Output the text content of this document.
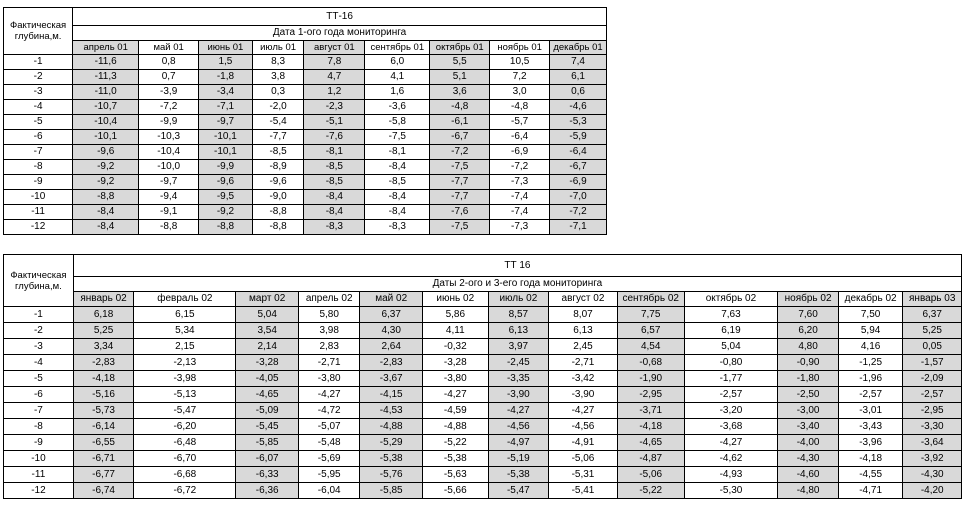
Фактическая глубина,м.	ТТ-16								
	Дата 1-ого года мониторинга								
	апрель 01	май 01	июнь 01	июль 01	август 01	сентябрь 01	октябрь 01	ноябрь 01	декабрь 01
-1	-11,6	0,8	1,5	8,3	7,8	6,0	5,5	10,5	7,4
-2	-11,3	0,7	-1,8	3,8	4,7	4,1	5,1	7,2	6,1
-3	-11,0	-3,9	-3,4	0,3	1,2	1,6	3,6	3,0	0,6
-4	-10,7	-7,2	-7,1	-2,0	-2,3	-3,6	-4,8	-4,8	-4,6
-5	-10,4	-9,9	-9,7	-5,4	-5,1	-5,8	-6,1	-5,7	-5,3
-6	-10,1	-10,3	-10,1	-7,7	-7,6	-7,5	-6,7	-6,4	-5,9
-7	-9,6	-10,4	-10,1	-8,5	-8,1	-8,1	-7,2	-6,9	-6,4
-8	-9,2	-10,0	-9,9	-8,9	-8,5	-8,4	-7,5	-7,2	-6,7
-9	-9,2	-9,7	-9,6	-9,6	-8,5	-8,5	-7,7	-7,3	-6,9
-10	-8,8	-9,4	-9,5	-9,0	-8,4	-8,4	-7,7	-7,4	-7,0
-11	-8,4	-9,1	-9,2	-8,8	-8,4	-8,4	-7,6	-7,4	-7,2
-12	-8,4	-8,8	-8,8	-8,8	-8,3	-8,3	-7,5	-7,3	-7,1
Фактическая глубина,м.	ТТ 16												
	Даты 2-ого и 3-его года мониторинга												
	январь 02	февраль 02	март 02	апрель 02	май 02	июнь 02	июль 02	август 02	сентябрь 02	октябрь 02	ноябрь 02	декабрь 02	январь 03
-1	6,18	6,15	5,04	5,80	6,37	5,86	8,57	8,07	7,75	7,63	7,60	7,50	6,37
-2	5,25	5,34	3,54	3,98	4,30	4,11	6,13	6,13	6,57	6,19	6,20	5,94	5,25
-3	3,34	2,15	2,14	2,83	2,64	-0,32	3,97	2,45	4,54	5,04	4,80	4,16	0,05
-4	-2,83	-2,13	-3,28	-2,71	-2,83	-3,28	-2,45	-2,71	-0,68	-0,80	-0,90	-1,25	-1,57
-5	-4,18	-3,98	-4,05	-3,80	-3,67	-3,80	-3,35	-3,42	-1,90	-1,77	-1,80	-1,96	-2,09
-6	-5,16	-5,13	-4,65	-4,27	-4,15	-4,27	-3,90	-3,90	-2,95	-2,57	-2,50	-2,57	-2,57
-7	-5,73	-5,47	-5,09	-4,72	-4,53	-4,59	-4,27	-4,27	-3,71	-3,20	-3,00	-3,01	-2,95
-8	-6,14	-6,20	-5,45	-5,07	-4,88	-4,88	-4,56	-4,56	-4,18	-3,68	-3,40	-3,43	-3,30
-9	-6,55	-6,48	-5,85	-5,48	-5,29	-5,22	-4,97	-4,91	-4,65	-4,27	-4,00	-3,96	-3,64
-10	-6,71	-6,70	-6,07	-5,69	-5,38	-5,38	-5,19	-5,06	-4,87	-4,62	-4,30	-4,18	-3,92
-11	-6,77	-6,68	-6,33	-5,95	-5,76	-5,63	-5,38	-5,31	-5,06	-4,93	-4,60	-4,55	-4,30
-12	-6,74	-6,72	-6,36	-6,04	-5,85	-5,66	-5,47	-5,41	-5,22	-5,30	-4,80	-4,71	-4,20
